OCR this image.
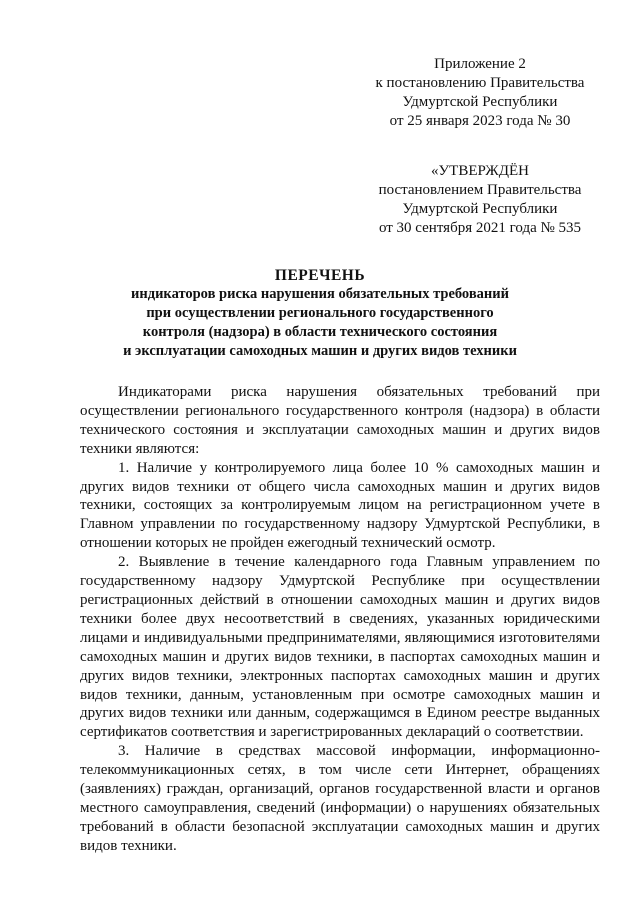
Приложение 2
к постановлению Правительства
Удмуртской Республики
от 25 января 2023 года № 30
«УТВЕРЖДЁН
постановлением Правительства
Удмуртской Республики
от 30 сентября 2021 года № 535
ПЕРЕЧЕНЬ
индикаторов риска нарушения обязательных требований
при осуществлении регионального государственного
контроля (надзора) в области технического состояния
и эксплуатации самоходных машин и других видов техники

Индикаторами риска нарушения обязательных требований при осуществлении регионального государственного контроля (надзора) в области технического состояния и эксплуатации самоходных машин и других видов техники являются:

1. Наличие у контролируемого лица более 10 % самоходных машин и других видов техники от общего числа самоходных машин и других видов техники, состоящих за контролируемым лицом на регистрационном учете в Главном управлении по государственному надзору Удмуртской Республики, в отношении которых не пройден ежегодный технический осмотр.

2. Выявление в течение календарного года Главным управлением по государственному надзору Удмуртской Республике при осуществлении регистрационных действий в отношении самоходных машин и других видов техники более двух несоответствий в сведениях, указанных юридическими лицами и индивидуальными предпринимателями, являющимися изготовителями самоходных машин и других видов техники, в паспортах самоходных машин и других видов техники, электронных паспортах самоходных машин и других видов техники, данным, установленным при осмотре самоходных машин и других видов техники или данным, содержащимся в Едином реестре выданных сертификатов соответствия и зарегистрированных деклараций о соответствии.

3. Наличие в средствах массовой информации, информационно-телекоммуникационных сетях, в том числе сети Интернет, обращениях (заявлениях) граждан, организаций, органов государственной власти и органов местного самоуправления, сведений (информации) о нарушениях обязательных требований в области безопасной эксплуатации самоходных машин и других видов техники.
